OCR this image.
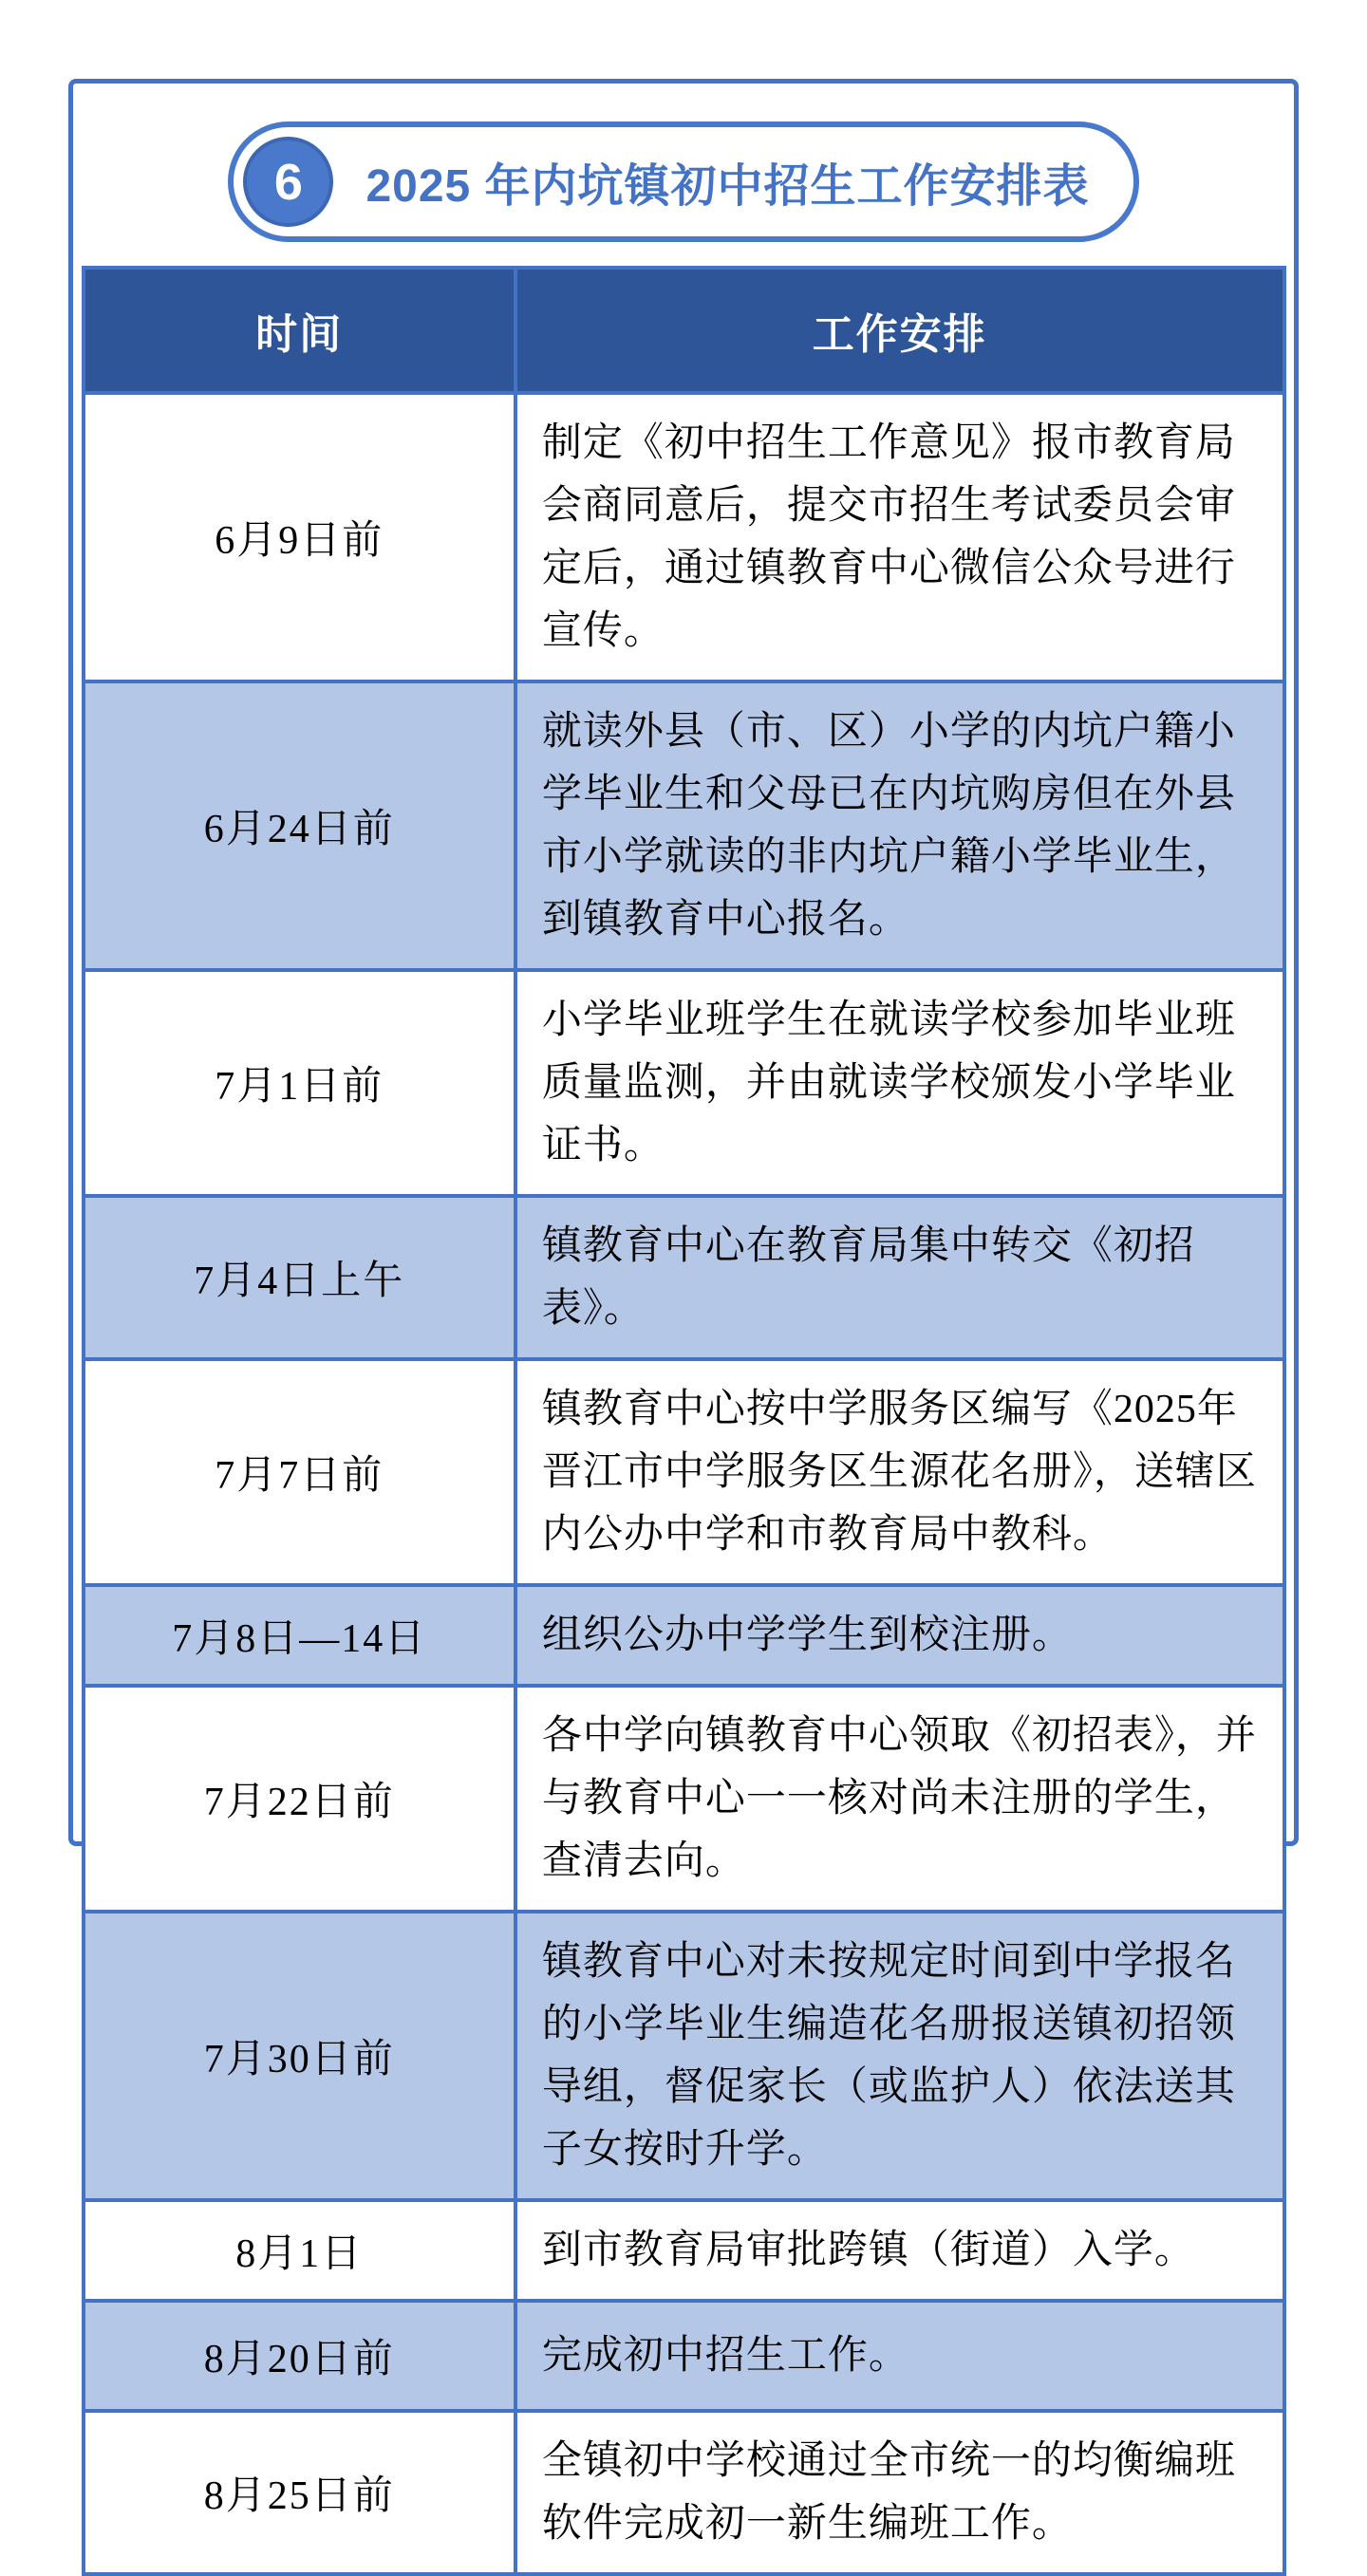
6 2025 年内坑镇初中招生工作安排表
时间	工作安排
6月9日前	制定《初中招生工作意见》报市教育局会商同意后，提交市招生考试委员会审定后，通过镇教育中心微信公众号进行宣传。
6月24日前	就读外县（市、区）小学的内坑户籍小学毕业生和父母已在内坑购房但在外县市小学就读的非内坑户籍小学毕业生，到镇教育中心报名。
7月1日前	小学毕业班学生在就读学校参加毕业班质量监测，并由就读学校颁发小学毕业证书。
7月4日上午	镇教育中心在教育局集中转交《初招表》。
7月7日前	镇教育中心按中学服务区编写《2025年晋江市中学服务区生源花名册》，送辖区内公办中学和市教育局中教科。
7月8日—14日	组织公办中学学生到校注册。
7月22日前	各中学向镇教育中心领取《初招表》，并与教育中心一一核对尚未注册的学生，查清去向。
7月30日前	镇教育中心对未按规定时间到中学报名的小学毕业生编造花名册报送镇初招领导组，督促家长（或监护人）依法送其子女按时升学。
8月1日	到市教育局审批跨镇（街道）入学。
8月20日前	完成初中招生工作。
8月25日前	全镇初中学校通过全市统一的均衡编班软件完成初一新生编班工作。
